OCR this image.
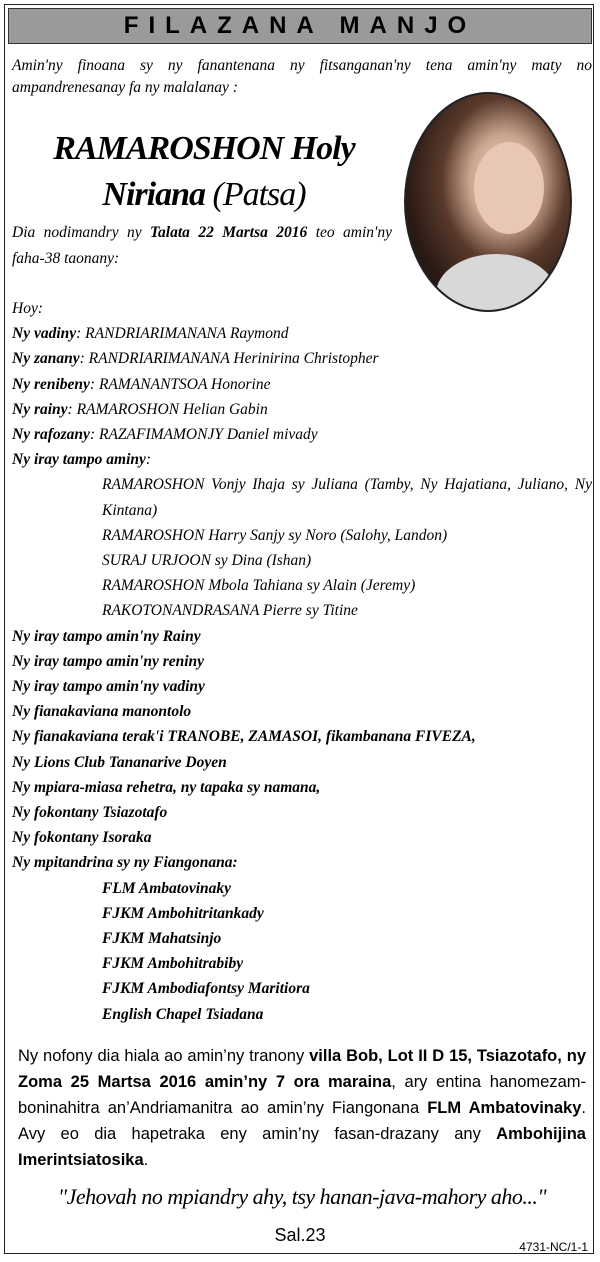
FILAZANA MANJO
Amin'ny finoana sy ny fanantenana ny fitsanganan'ny tena amin'ny maty no ampandrenesanay fa ny malalanay :
RAMAROSHON Holy
Niriana (Patsa)
Dia nodimandry ny Talata 22 Martsa 2016 teo amin'ny faha-38 taonany:
Hoy:
Ny vadiny: RANDRIARIMANANA Raymond
Ny zanany: RANDRIARIMANANA Herinirina Christopher
Ny renibeny: RAMANANTSOA Honorine
Ny rainy: RAMAROSHON Helian Gabin
Ny rafozany: RAZAFIMAMONJY Daniel mivady
Ny iray tampo aminy:
RAMAROSHON Vonjy Ihaja sy Juliana (Tamby, Ny Hajatiana, Juliano, Ny Kintana)
RAMAROSHON Harry Sanjy sy Noro (Salohy, Landon)
SURAJ URJOON sy Dina (Ishan)
RAMAROSHON Mbola Tahiana sy Alain (Jeremy)
RAKOTONANDRASANA Pierre sy Titine
Ny iray tampo amin'ny Rainy
Ny iray tampo amin'ny reniny
Ny iray tampo amin'ny vadiny
Ny fianakaviana manontolo
Ny fianakaviana terak'i TRANOBE, ZAMASOI, fikambanana FIVEZA,
Ny Lions Club Tananarive Doyen
Ny mpiara-miasa rehetra, ny tapaka sy namana,
Ny fokontany Tsiazotafo
Ny fokontany Isoraka
Ny mpitandrina sy ny Fiangonana:
FLM Ambatovinaky
FJKM Ambohitritankady
FJKM Mahatsinjo
FJKM Ambohitrabiby
FJKM Ambodiafontsy Maritiora
English Chapel Tsiadana
Ny nofony dia hiala ao amin’ny tranony villa Bob, Lot II D 15, Tsiazotafo, ny Zoma 25 Martsa 2016 amin’ny 7 ora maraina, ary entina hanomezam-boninahitra an’Andriamanitra ao amin’ny Fiangonana FLM Ambatovinaky. Avy eo dia hapetraka eny amin’ny fasan-drazany any Ambohijina Imerintsiatosika.
"Jehovah no mpiandry ahy, tsy hanan-java-mahory aho..."
Sal.23
4731-NC/1-1
